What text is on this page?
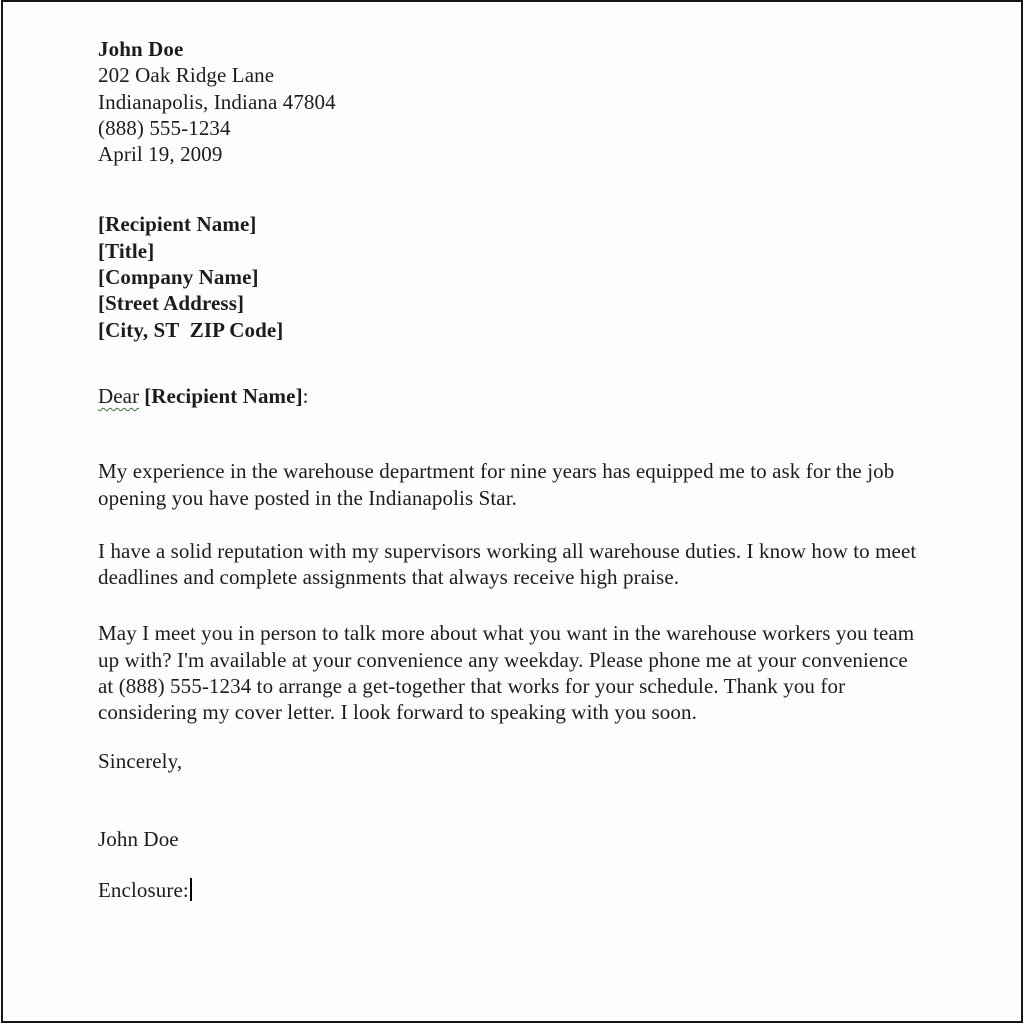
John Doe

202 Oak Ridge Lane

Indianapolis, Indiana 47804

(888) 555-1234

April 19, 2009

[Recipient Name]

[Title]

[Company Name]

[Street Address]

[City, ST  ZIP Code]

Dear [Recipient Name]:

My experience in the warehouse department for nine years has equipped me to ask for the job opening you have posted in the Indianapolis Star.

I have a solid reputation with my supervisors working all warehouse duties. I know how to meet deadlines and complete assignments that always receive high praise.

May I meet you in person to talk more about what you want in the warehouse workers you team up with? I'm available at your convenience any weekday. Please phone me at your convenience at (888) 555-1234 to arrange a get-together that works for your schedule. Thank you for considering my cover letter. I look forward to speaking with you soon.

Sincerely,

John Doe

Enclosure:
